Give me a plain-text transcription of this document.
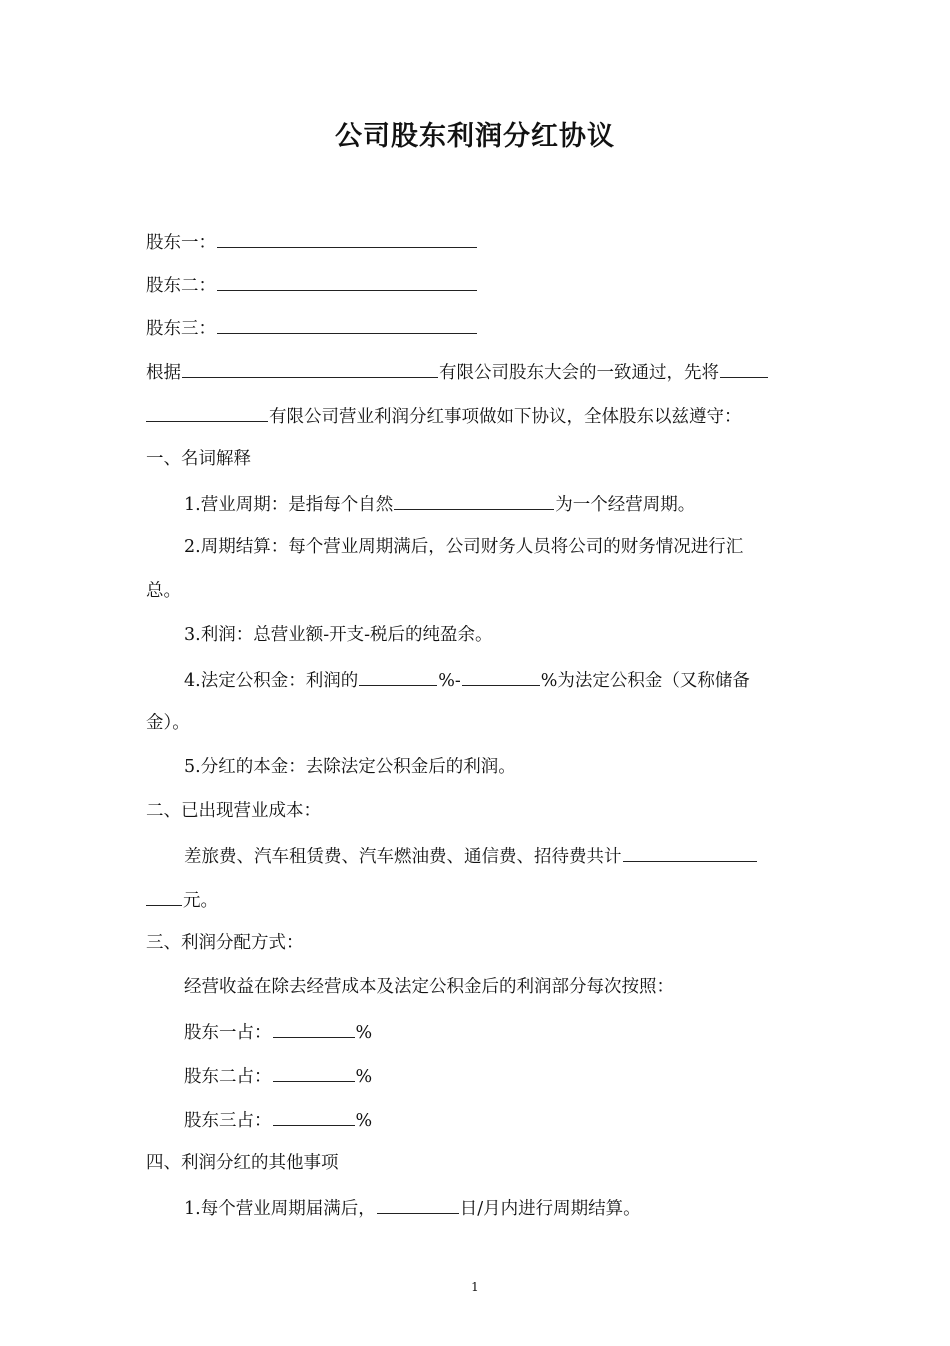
公司股东利润分红协议
股东一：
股东二：
股东三：
根据	有限公司股东大会的一致通过，先将
有限公司营业利润分红事项做如下协议，全体股东以兹遵守：
一、名词解释
1.营业周期：是指每个自然	为一个经营周期。
2.周期结算：每个营业周期满后，公司财务人员将公司的财务情况进行汇
总。
3.利润：总营业额-开支-税后的纯盈余。
4.法定公积金：利润的	%-	%为法定公积金（又称储备
金）。
5.分红的本金：去除法定公积金后的利润。
二、已出现营业成本：
差旅费、汽车租赁费、汽车燃油费、通信费、招待费共计
元。
三、利润分配方式：
经营收益在除去经营成本及法定公积金后的利润部分每次按照：
股东一占：	%
股东二占：	%
股东三占：	%
四、利润分红的其他事项
1.每个营业周期届满后，	日/月内进行周期结算。
1
